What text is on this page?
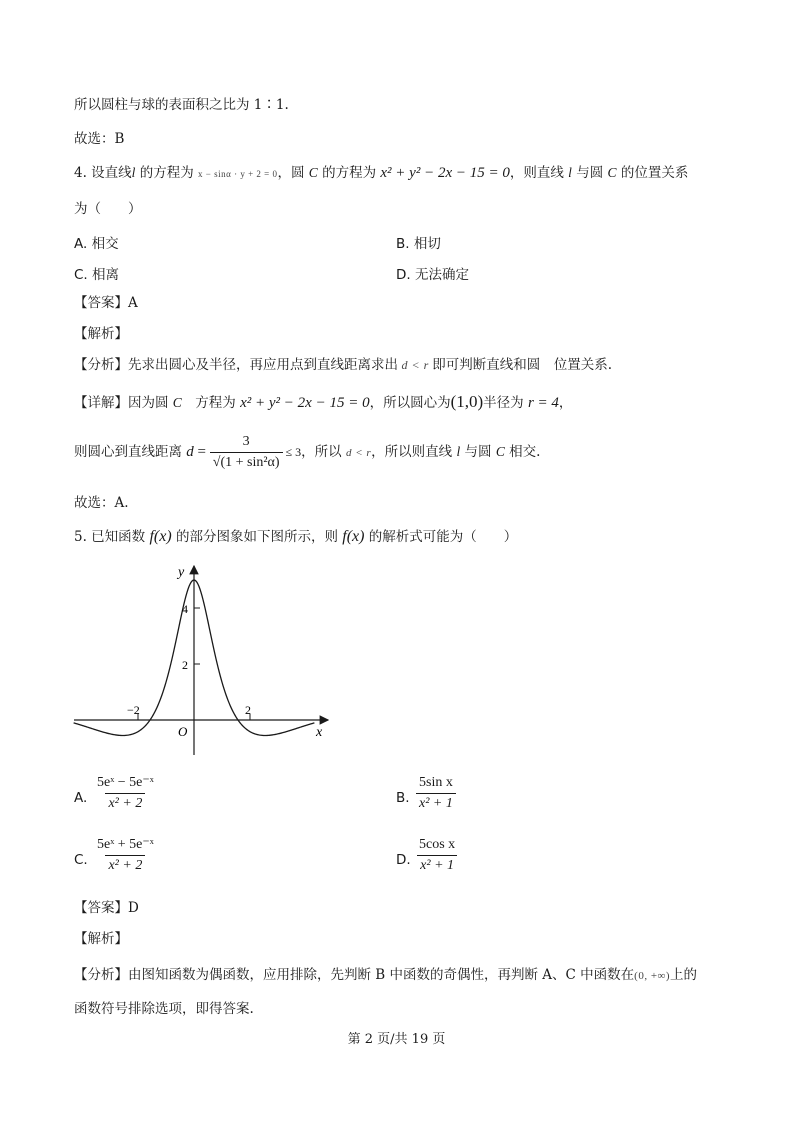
所以圆柱与球的表面积之比为 1∶1.
故选：B
4. 设直线l 的方程为 x − sinα · y + 2 = 0，圆 C 的方程为 x² + y² − 2x − 15 = 0，则直线 l 与圆 C 的位置关系
为（　　）
A. 相交	B. 相切
C. 相离	D. 无法确定
【答案】A
【解析】
【分析】先求出圆心及半径，再应用点到直线距离求出 d < r 即可判断直线和圆　位置关系.
【详解】因为圆 C　方程为 x² + y² − 2x − 15 = 0，所以圆心为(1,0)半径为 r = 4，
则圆心到直线距离 $d = \frac{3}{\text{√(1 + sin²α)}} \le 3$，所以 d < r，所以则直线 l 与圆 C 相交.
故选：A.
5. 已知函数 f(x) 的部分图象如下图所示，则 f(x) 的解析式可能为（　　）
y
x
O
4
2
−2	2
A. $\frac{\text{5eˣ − 5e⁻ˣ}}{\text{x² + 2}}$	B. $\frac{\text{5sin x}}{\text{x² + 1}}$
C. $\frac{\text{5eˣ + 5e⁻ˣ}}{\text{x² + 2}}$	D. $\frac{\text{5cos x}}{\text{x² + 1}}$
【答案】D
【解析】
【分析】由图知函数为偶函数，应用排除，先判断 B 中函数的奇偶性，再判断 A、C 中函数在(0, +∞)上的
函数符号排除选项，即得答案.
第 2 页/共 19 页
